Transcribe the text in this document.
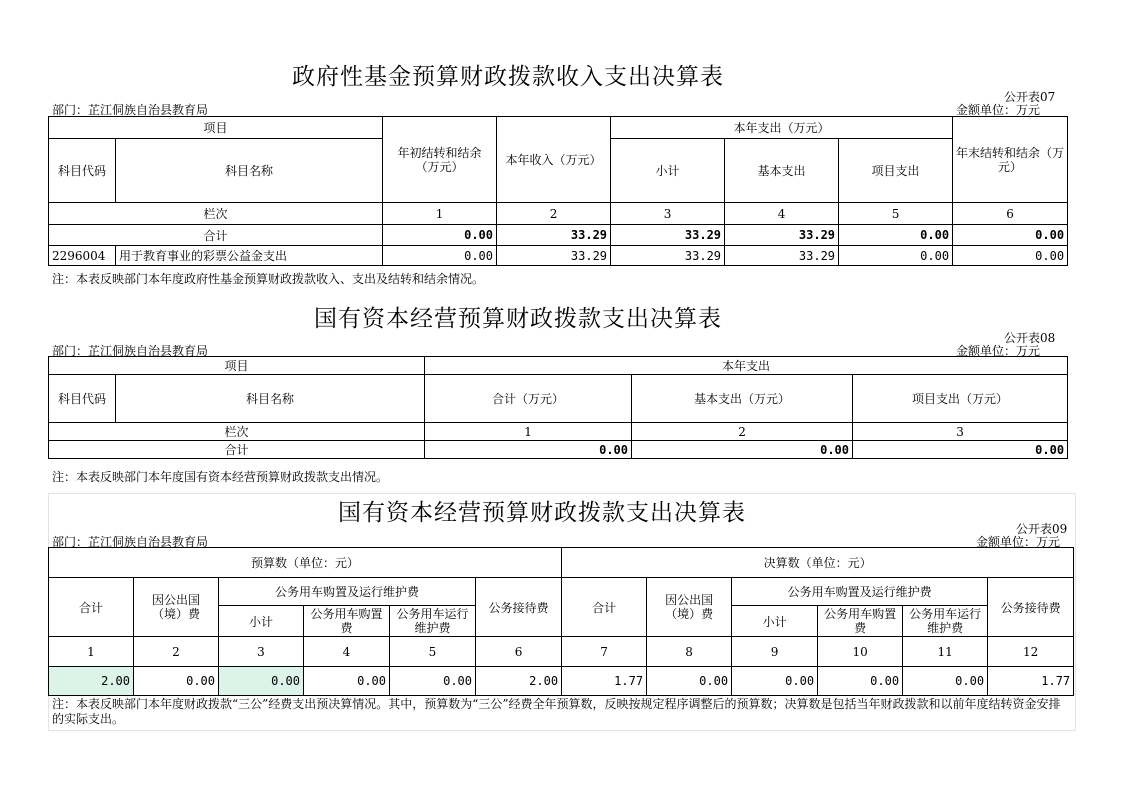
政府性基金预算财政拨款收入支出决算表
公开表07
部门：芷江侗族自治县教育局	金额单位：万元
项目		年初结转和结余（万元）	本年收入（万元）	本年支出（万元）			年末结转和结余（万元）
科目代码	科目名称			小计	基本支出	项目支出	
栏次		1	2	3	4	5	6
合计		0.00	33.29	33.29	33.29	0.00	0.00
2296004	用于教育事业的彩票公益金支出	0.00	33.29	33.29	33.29	0.00	0.00
注：本表反映部门本年度政府性基金预算财政拨款收入、支出及结转和结余情况。
国有资本经营预算财政拨款支出决算表
公开表08
部门：芷江侗族自治县教育局	金额单位：万元
项目		本年支出		
科目代码	科目名称	合计（万元）	基本支出（万元）	项目支出（万元）
栏次		1	2	3
合计		0.00	0.00	0.00
注：本表反映部门本年度国有资本经营预算财政拨款支出情况。
国有资本经营预算财政拨款支出决算表
公开表09
部门：芷江侗族自治县教育局	金额单位：万元
预算数（单位：元）						决算数（单位：元）					
合计	因公出国（境）费	公务用车购置及运行维护费			公务接待费	合计	因公出国（境）费	公务用车购置及运行维护费			公务接待费
		小计	公务用车购置费	公务用车运行维护费				小计	公务用车购置费	公务用车运行维护费	
1	2	3	4	5	6	7	8	9	10	11	12
2.00	0.00	0.00	0.00	0.00	2.00	1.77	0.00	0.00	0.00	0.00	1.77
注：本表反映部门本年度财政拨款“三公”经费支出预决算情况。其中，预算数为“三公”经费全年预算数，反映按规定程序调整后的预算数；决算数是包括当年财政拨款和以前年度结转资金安排的实际支出。
